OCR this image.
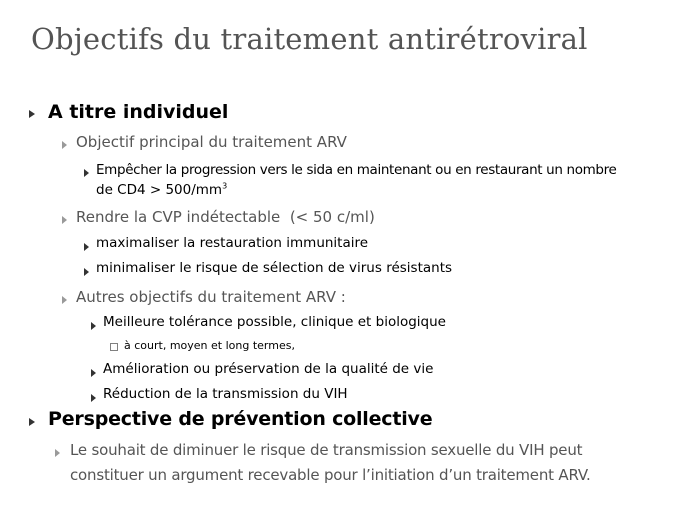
Objectifs du traitement antirétroviral
A titre individuel
Objectif principal du traitement ARV
Empêcher la progression vers le sida en maintenant ou en restaurant un nombre
de $CD4 > 500/mm^3$
Rendre la CVP indétectable  (< 50 c/ml)
maximaliser la restauration immunitaire
minimaliser le risque de sélection de virus résistants
Autres objectifs du traitement ARV :
Meilleure tolérance possible, clinique et biologique
à court, moyen et long termes,
Amélioration ou préservation de la qualité de vie
Réduction de la transmission du VIH
Perspective de prévention collective
Le souhait de diminuer le risque de transmission sexuelle du VIH peut
constituer un argument recevable pour l’initiation d’un traitement ARV.
